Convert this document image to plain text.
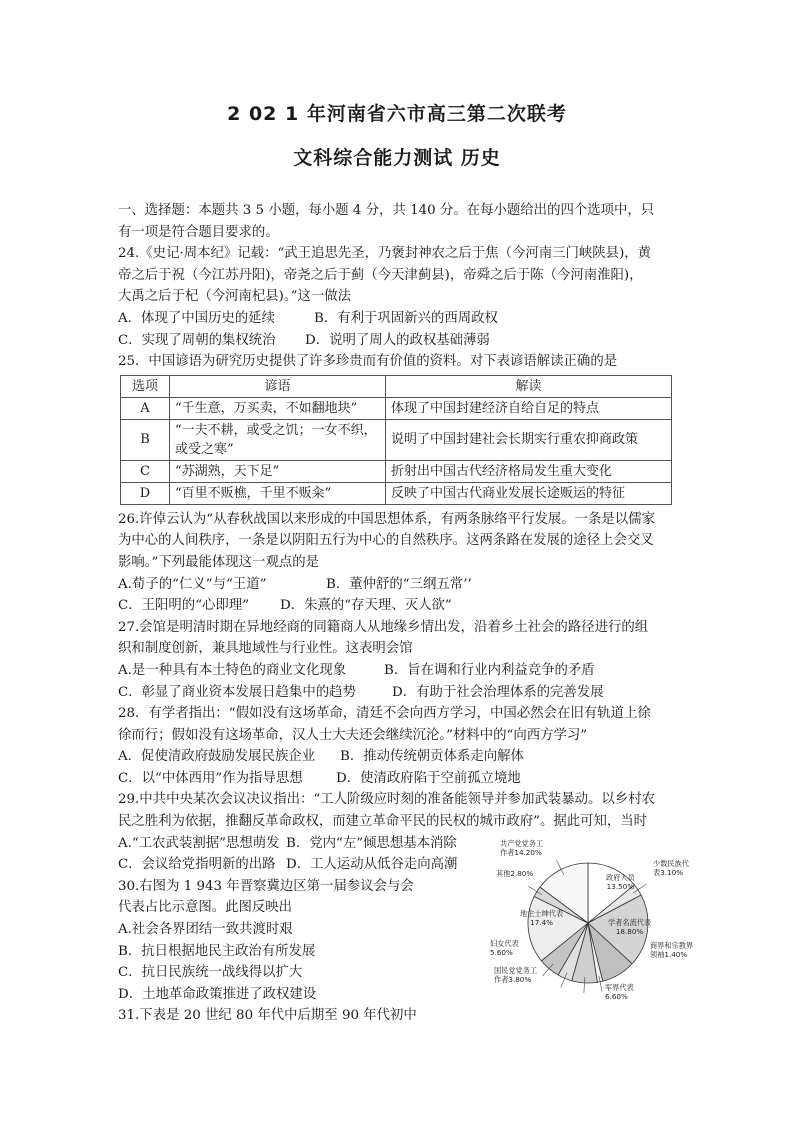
2 02 1 年河南省六市高三第二次联考
文科综合能力测试 历史

一、选择题：本题共 3 5 小题，每小题 4 分，共 140 分。在每小题给出的四个选项中，只

有一项是符合题目要求的。

24.《史记·周本纪》记载：“武王追思先圣，乃褒封神农之后于焦（今河南三门峡陕县)，黄

帝之后于祝（今江苏丹阳)，帝尧之后于蓟（今天津蓟县)，帝舜之后于陈（今河南淮阳)，

大禹之后于杞（今河南杞县)。”这一做法

A．体现了中国历史的延续	B．有利于巩固新兴的西周政权
C．实现了周朝的集权统治	D．说明了周人的政权基础薄弱

25．中国谚语为研究历史提供了许多珍贵而有价值的资料。对下表谚语解读正确的是

选项	谚语	解读
A	“千生意，万买卖，不如翻地块”	体现了中国封建经济自给自足的特点
B	“一夫不耕，或受之饥；一女不织，或受之寒”	说明了中国封建社会长期实行重农抑商政策
C	“苏湖熟，天下足”	折射出中国古代经济格局发生重大变化
D	“百里不贩樵，千里不贩籴”	反映了中国古代商业发展长途贩运的特征

26.许倬云认为“从春秋战国以来形成的中国思想体系，有两条脉络平行发展。一条是以儒家

为中心的人间秩序，一条是以阴阳五行为中心的自然秩序。这两条路在发展的途径上会交叉

影响。”下列最能体现这一观点的是

A.荀子的“仁义”与“王道”	B．董仲舒的“三纲五常’’
C．王阳明的“心即理”	D．朱熹的“存天理、灭人欲”

27.会馆是明清时期在异地经商的同籍商人从地缘乡情出发，沿着乡土社会的路径进行的组

织和制度创新，兼具地域性与行业性。这表明会馆

A.是一种具有本土特色的商业文化现象	B．旨在调和行业内利益竞争的矛盾
C．彰显了商业资本发展日趋集中的趋势	D．有助于社会治理体系的完善发展

28．有学者指出：“假如没有这场革命，清廷不会向西方学习，中国必然会在旧有轨道上徐

徐而行；假如没有这场革命，汉人士大夫还会继续沉沦。”材料中的“向西方学习”

A．促使清政府鼓励发展民族企业	B．推动传统朝贡体系走向解体
C．以“中体西用”作为指导思想	D．使清政府陷于空前孤立境地

29.中共中央某次会议决议指出：“工人阶级应时刻的准备能领导并参加武装暴动。以乡村农

民之胜利为依据，推翻反革命政权，而建立革命平民的民权的城市政府”。据此可知，当时

A.“工农武装割据”思想萌发 B．党内“左”倾思想基本消除
C．会议给党指明新的出路 D．工人运动从低谷走向高潮

30.右图为 1 943 年晋察冀边区第一届参议会与会

代表占比示意图。此图反映出

A.社会各界团结一致共渡时艰

B．抗日根据地民主政治有所发展

C．抗日民族统一战线得以扩大

D．土地革命政策推进了政权建设

31.下表是 20 世纪 80 年代中后期至 90 年代初中

政府人员
13.50%
少数民族代
表3.10%
学者名流代表
18.80%
商界和宗教界
领袖1.40%
军界代表
6.60%
国民党党务工
作者3.80%
妇女代表
5.60%
地主士绅代表
17.4%
其他2.80%
共产党党务工
作者14.20%
